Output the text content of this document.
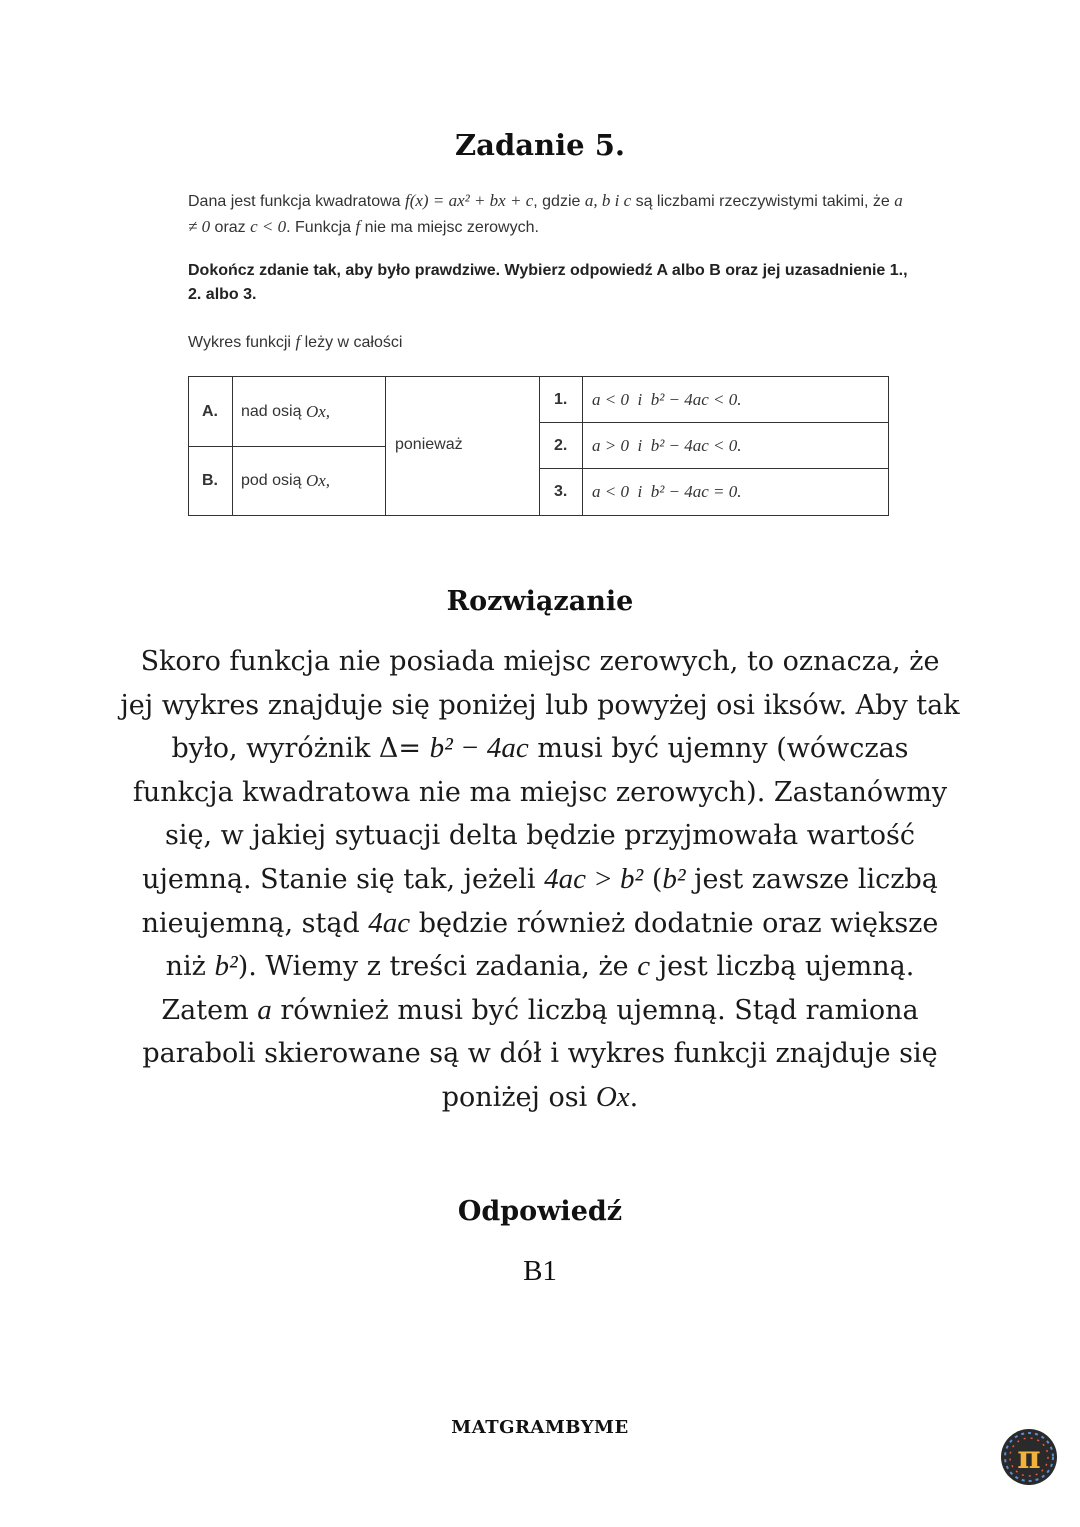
Zadanie 5.
Dana jest funkcja kwadratowa f(x) = ax² + bx + c, gdzie a, b i c są liczbami rzeczywistymi takimi, że a ≠ 0 oraz c < 0. Funkcja f nie ma miejsc zerowych.
Dokończ zdanie tak, aby było prawdziwe. Wybierz odpowiedź A albo B oraz jej uzasadnienie 1., 2. albo 3.
Wykres funkcji f leży w całości
A. nad osią
Ox,
B. pod osią
Ox,
ponieważ
1. a < 0  i  b² − 4ac < 0.
2. a > 0  i  b² − 4ac < 0.
3. a < 0  i  b² − 4ac = 0.
Rozwiązanie
Skoro funkcja nie posiada miejsc zerowych, to oznacza, że jej wykres znajduje się poniżej lub powyżej osi iksów. Aby tak było, wyróżnik Δ= b² − 4ac musi być ujemny (wówczas funkcja kwadratowa nie ma miejsc zerowych). Zastanówmy się, w jakiej sytuacji delta będzie przyjmowała wartość ujemną. Stanie się tak, jeżeli 4ac > b² (b² jest zawsze liczbą nieujemną, stąd 4ac będzie również dodatnie oraz większe niż b²). Wiemy z treści zadania, że c jest liczbą ujemną. Zatem a również musi być liczbą ujemną. Stąd ramiona paraboli skierowane są w dół i wykres funkcji znajduje się poniżej osi Ox.
Odpowiedź
B1
MATGRAMBYME
π
